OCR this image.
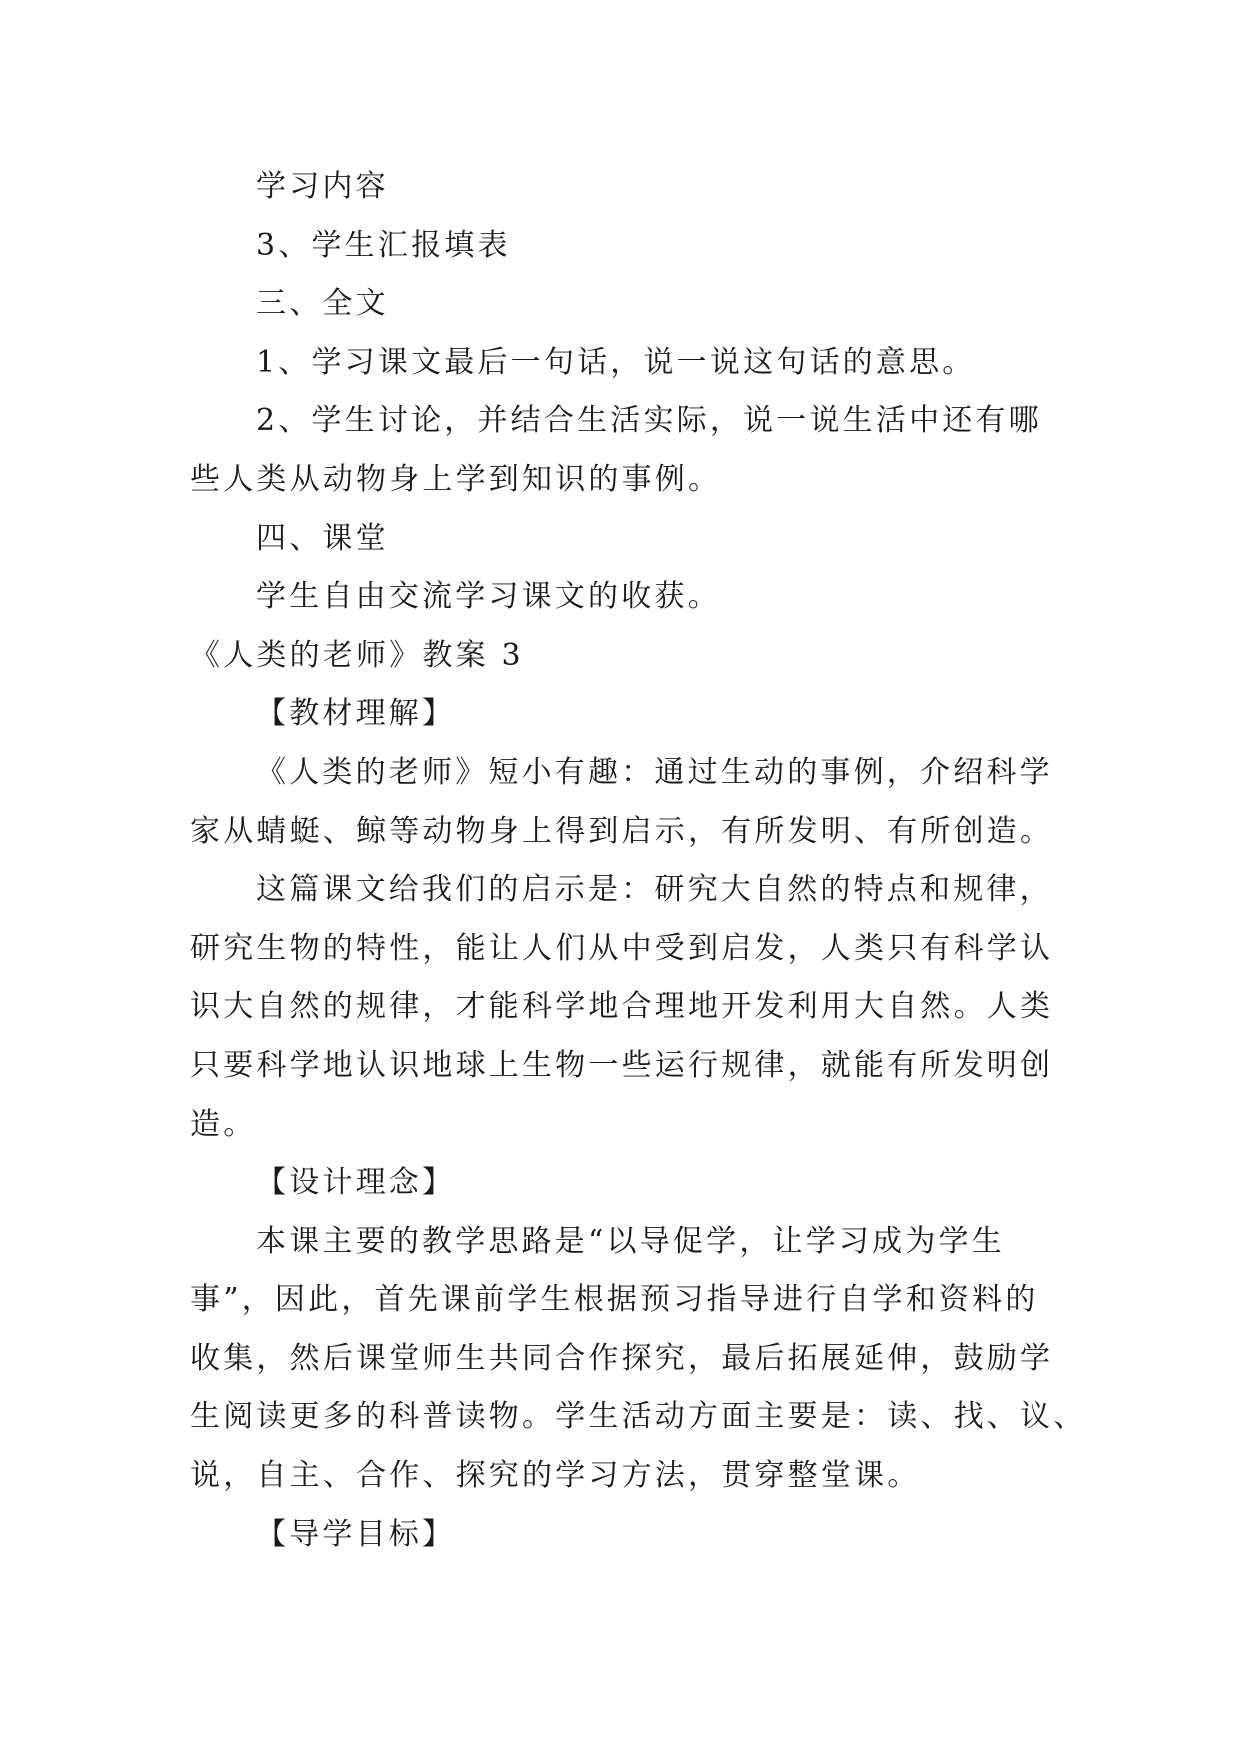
学习内容

3、学生汇报填表

三、全文

1、学习课文最后一句话，说一说这句话的意思。

2、学生讨论，并结合生活实际，说一说生活中还有哪

些人类从动物身上学到知识的事例。

四、课堂

学生自由交流学习课文的收获。

《人类的老师》教案 3

【教材理解】

《人类的老师》短小有趣：通过生动的事例，介绍科学

家从蜻蜓、鲸等动物身上得到启示，有所发明、有所创造。

这篇课文给我们的启示是：研究大自然的特点和规律，

研究生物的特性，能让人们从中受到启发，人类只有科学认

识大自然的规律，才能科学地合理地开发利用大自然。人类

只要科学地认识地球上生物一些运行规律，就能有所发明创

造。

【设计理念】

本课主要的教学思路是“以导促学，让学习成为学生

事”，因此，首先课前学生根据预习指导进行自学和资料的

收集，然后课堂师生共同合作探究，最后拓展延伸，鼓励学

生阅读更多的科普读物。学生活动方面主要是：读、找、议、

说，自主、合作、探究的学习方法，贯穿整堂课。

【导学目标】
